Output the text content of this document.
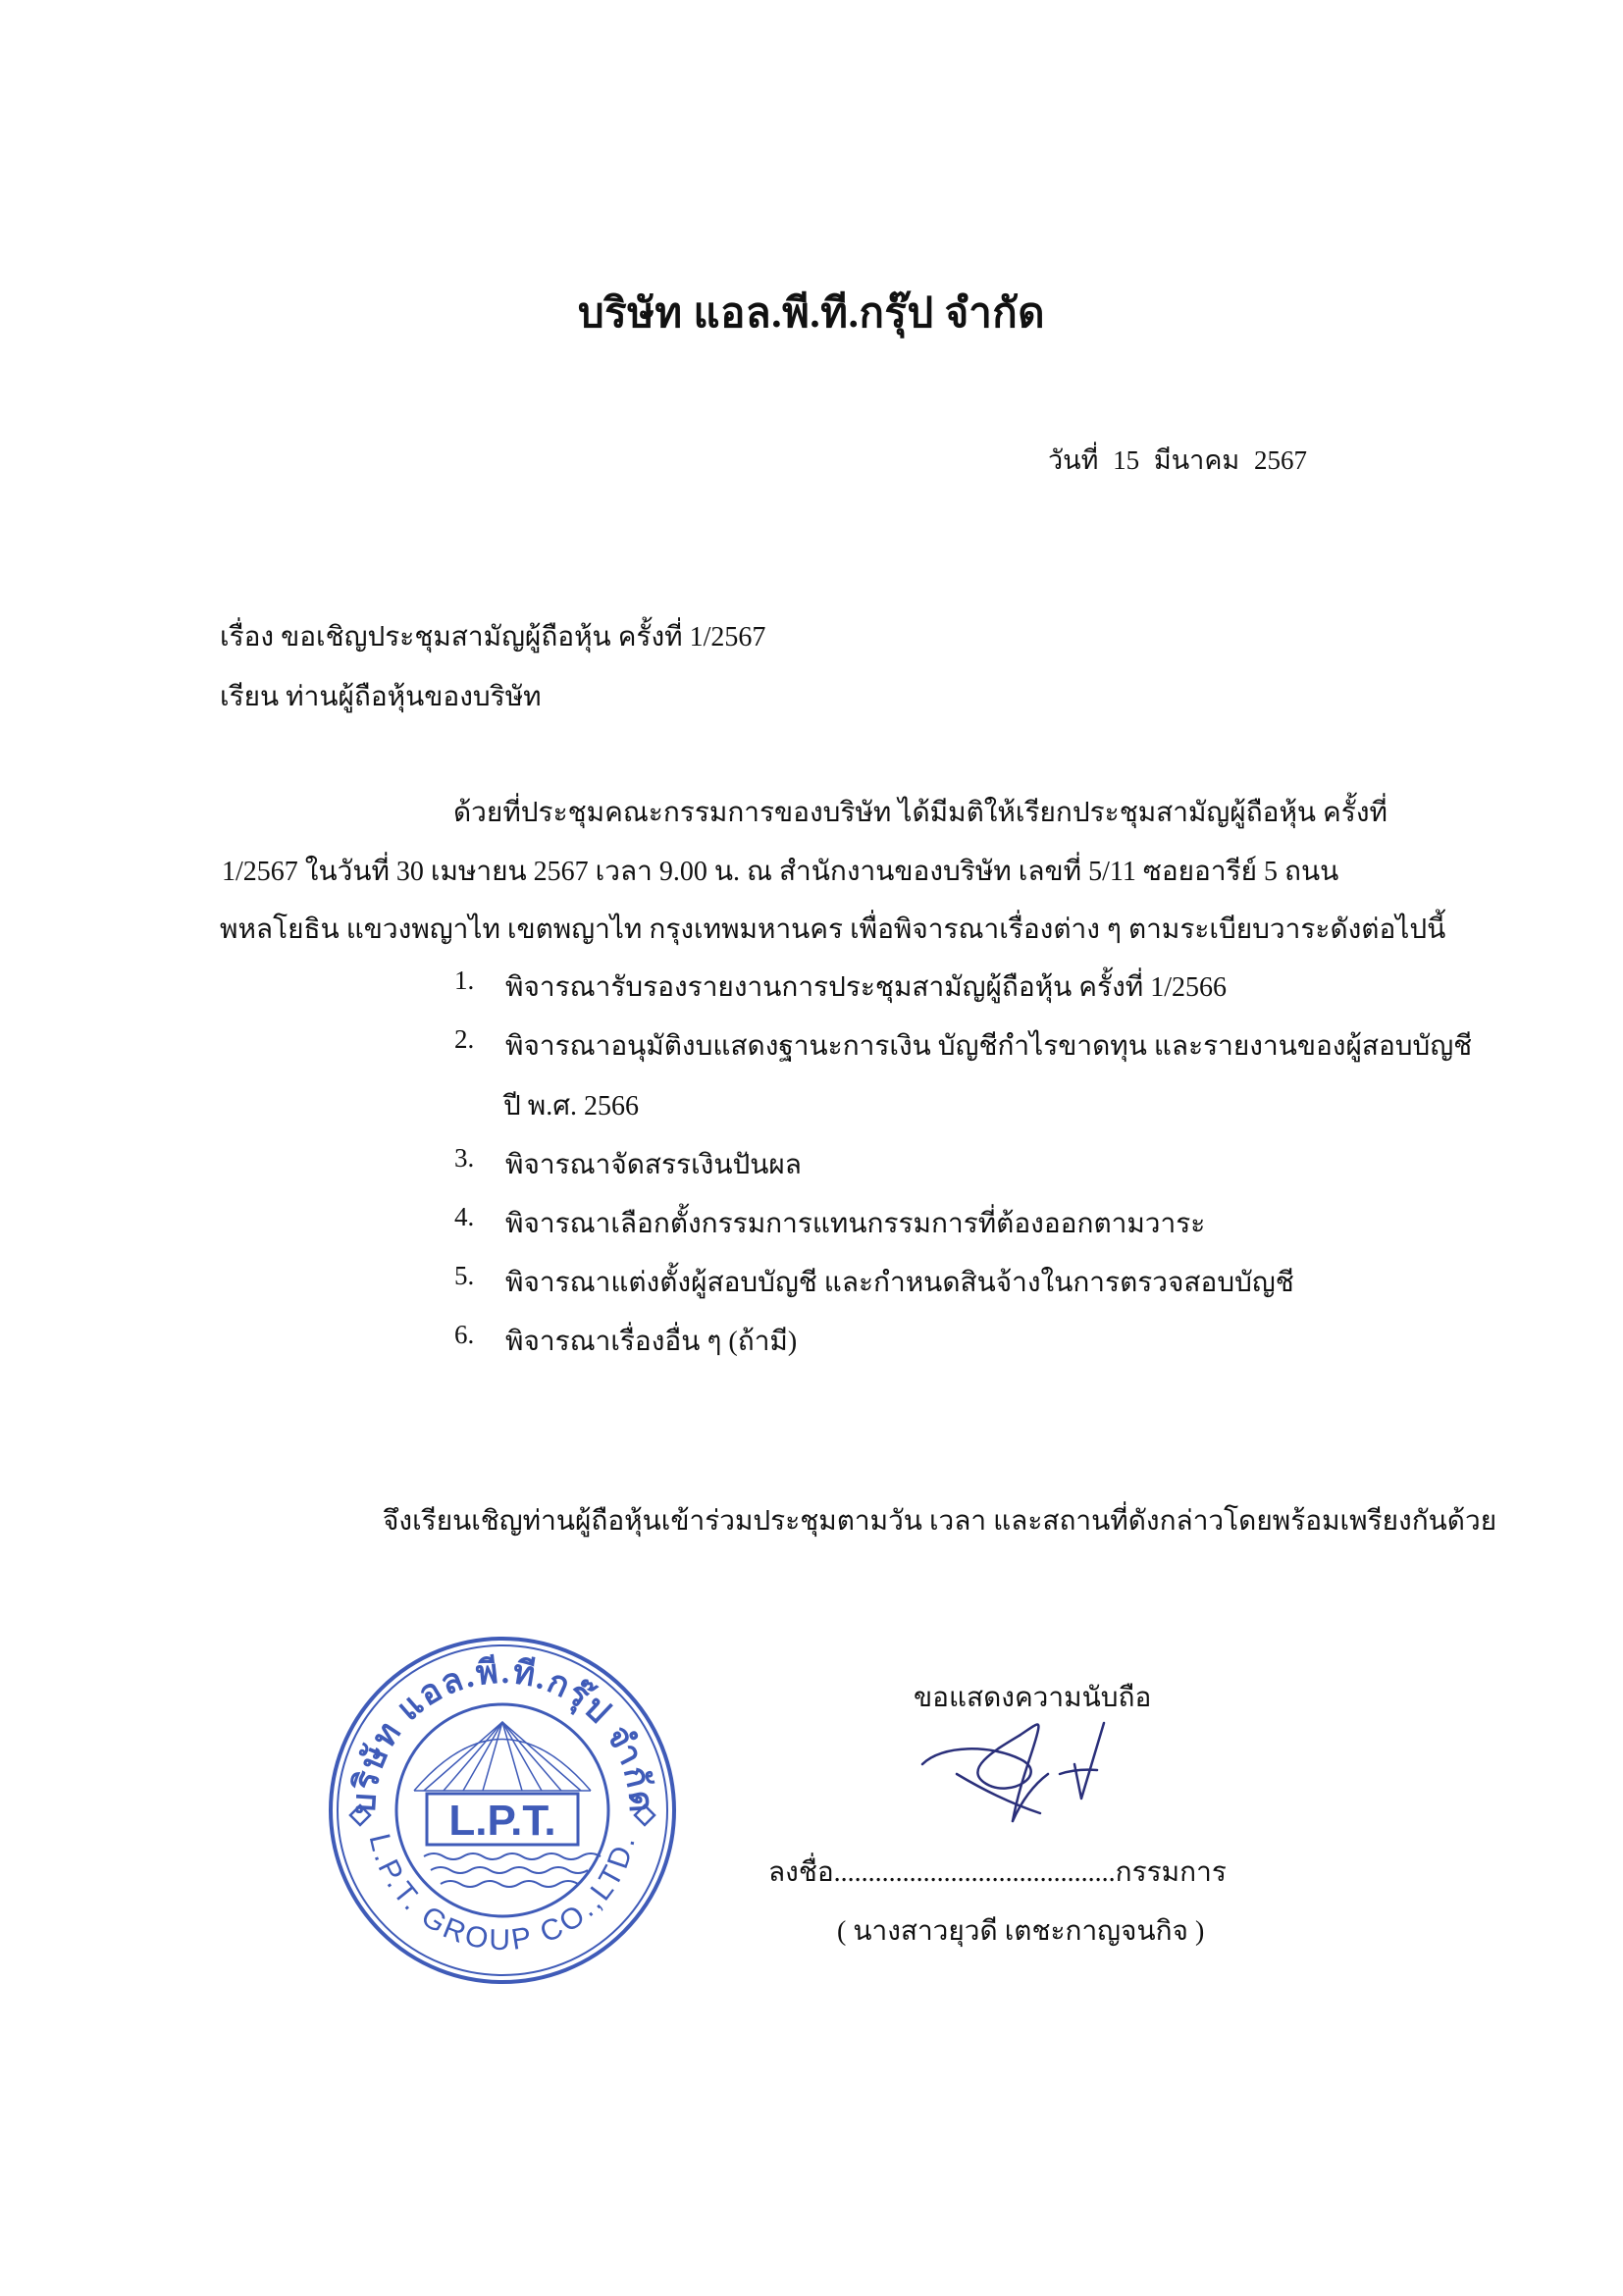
บริษัท แอล.พี.ที.กรุ๊ป จำกัด
วันที่ 15 มีนาคม 2567
เรื่อง ขอเชิญประชุมสามัญผู้ถือหุ้น ครั้งที่ 1/2567
เรียน ท่านผู้ถือหุ้นของบริษัท
ด้วยที่ประชุมคณะกรรมการของบริษัท ได้มีมติให้เรียกประชุมสามัญผู้ถือหุ้น ครั้งที่
1/2567 ในวันที่ 30 เมษายน 2567 เวลา 9.00 น. ณ สำนักงานของบริษัท เลขที่ 5/11 ซอยอารีย์ 5 ถนน
พหลโยธิน แขวงพญาไท เขตพญาไท กรุงเทพมหานคร เพื่อพิจารณาเรื่องต่าง ๆ ตามระเบียบวาระดังต่อไปนี้
1. พิจารณารับรองรายงานการประชุมสามัญผู้ถือหุ้น ครั้งที่ 1/2566
2. พิจารณาอนุมัติงบแสดงฐานะการเงิน บัญชีกำไรขาดทุน และรายงานของผู้สอบบัญชี
ปี พ.ศ. 2566
3. พิจารณาจัดสรรเงินปันผล
4. พิจารณาเลือกตั้งกรรมการแทนกรรมการที่ต้องออกตามวาระ
5. พิจารณาแต่งตั้งผู้สอบบัญชี และกำหนดสินจ้างในการตรวจสอบบัญชี
6. พิจารณาเรื่องอื่น ๆ (ถ้ามี)
จึงเรียนเชิญท่านผู้ถือหุ้นเข้าร่วมประชุมตามวัน เวลา และสถานที่ดังกล่าวโดยพร้อมเพรียงกันด้วย
บริษัท แอล.พี.ที.กรุ๊ป จำกัด
L.P.T. GROUP CO.,LTD.
L.P.T.
ขอแสดงความนับถือ
ลงชื่อ.........................................กรรมการ
( นางสาวยุวดี เตชะกาญจนกิจ )
